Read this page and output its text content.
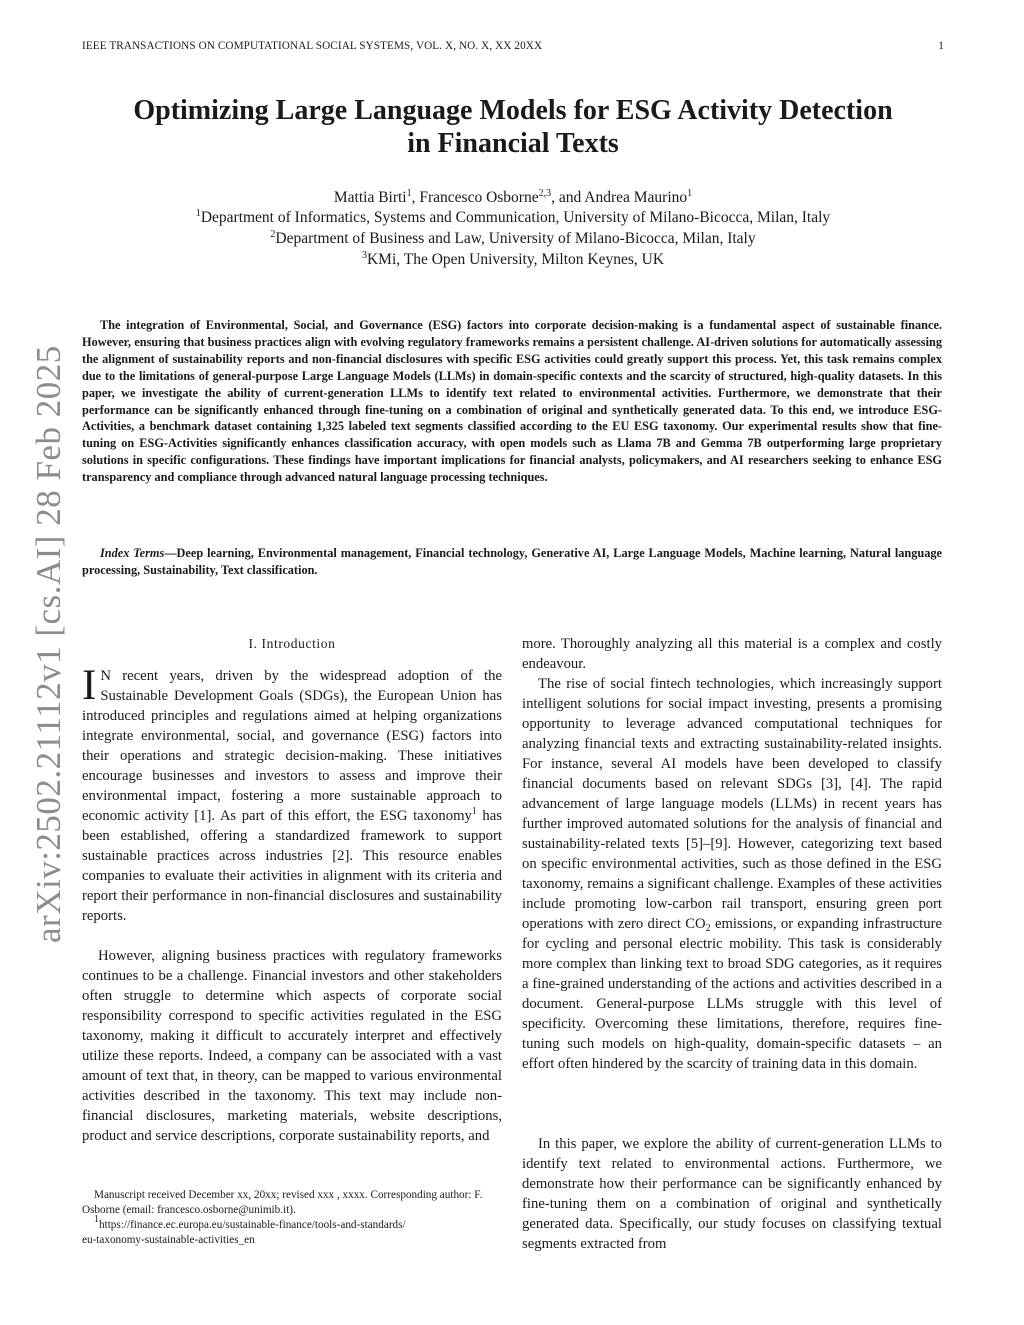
IEEE TRANSACTIONS ON COMPUTATIONAL SOCIAL SYSTEMS, VOL. X, NO. X, XX 20XX	1
arXiv:2502.21112v1 [cs.AI] 28 Feb 2025
Optimizing Large Language Models for ESG Activity Detection
in Financial Texts
Mattia Birti$^1$, Francesco Osborne$^{2,3}$, and Andrea Maurino$^1$
$^1$Department of Informatics, Systems and Communication, University of Milano-Bicocca, Milan, Italy
$^2$Department of Business and Law, University of Milano-Bicocca, Milan, Italy
$^3$KMi, The Open University, Milton Keynes, UK
The integration of Environmental, Social, and Governance (ESG) factors into corporate decision-making is a fundamental aspect of sustainable finance. However, ensuring that business practices align with evolving regulatory frameworks remains a persistent challenge. AI-driven solutions for automatically assessing the alignment of sustainability reports and non-financial disclosures with specific ESG activities could greatly support this process. Yet, this task remains complex due to the limitations of general-purpose Large Language Models (LLMs) in domain-specific contexts and the scarcity of structured, high-quality datasets. In this paper, we investigate the ability of current-generation LLMs to identify text related to environmental activities. Furthermore, we demonstrate that their performance can be significantly enhanced through fine-tuning on a combination of original and synthetically generated data. To this end, we introduce ESG-Activities, a benchmark dataset containing 1,325 labeled text segments classified according to the EU ESG taxonomy. Our experimental results show that fine-tuning on ESG-Activities significantly enhances classification accuracy, with open models such as Llama 7B and Gemma 7B outperforming large proprietary solutions in specific configurations. These findings have important implications for financial analysts, policymakers, and AI researchers seeking to enhance ESG transparency and compliance through advanced natural language processing techniques.
Index Terms—Deep learning, Environmental management, Financial technology, Generative AI, Large Language Models, Machine learning, Natural language processing, Sustainability, Text classification.
I. Introduction
I N recent years, driven by the widespread adoption of the Sustainable Development Goals (SDGs), the European Union has introduced principles and regulations aimed at helping organizations integrate environmental, social, and governance (ESG) factors into their operations and strategic decision-making. These initiatives encourage businesses and investors to assess and improve their environmental impact, fostering a more sustainable approach to economic activity [1]. As part of this effort, the ESG taxonomy$^1$ has been established, offering a standardized framework to support sustainable practices across industries [2]. This resource enables companies to evaluate their activities in alignment with its criteria and report their performance in non-financial disclosures and sustainability reports.
However, aligning business practices with regulatory frameworks continues to be a challenge. Financial investors and other stakeholders often struggle to determine which aspects of corporate social responsibility correspond to specific activities regulated in the ESG taxonomy, making it difficult to accurately interpret and effectively utilize these reports. Indeed, a company can be associated with a vast amount of text that, in theory, can be mapped to various environmental activities described in the taxonomy. This text may include non-financial disclosures, marketing materials, website descriptions, product and service descriptions, corporate sustainability reports, and
more. Thoroughly analyzing all this material is a complex and costly endeavour.
The rise of social fintech technologies, which increasingly support intelligent solutions for social impact investing, presents a promising opportunity to leverage advanced computational techniques for analyzing financial texts and extracting sustainability-related insights. For instance, several AI models have been developed to classify financial documents based on relevant SDGs [3], [4]. The rapid advancement of large language models (LLMs) in recent years has further improved automated solutions for the analysis of financial and sustainability-related texts [5]–[9]. However, categorizing text based on specific environmental activities, such as those defined in the ESG taxonomy, remains a significant challenge. Examples of these activities include promoting low-carbon rail transport, ensuring green port operations with zero direct $CO_2$ emissions, or expanding infrastructure for cycling and personal electric mobility. This task is considerably more complex than linking text to broad SDG categories, as it requires a fine-grained understanding of the actions and activities described in a document. General-purpose LLMs struggle with this level of specificity. Overcoming these limitations, therefore, requires fine-tuning such models on high-quality, domain-specific datasets – an effort often hindered by the scarcity of training data in this domain.
In this paper, we explore the ability of current-generation LLMs to identify text related to environmental actions. Furthermore, we demonstrate how their performance can be significantly enhanced by fine-tuning them on a combination of original and synthetically generated data. Specifically, our study focuses on classifying textual segments extracted from
Manuscript received December xx, 20xx; revised xxx , xxxx. Corresponding author: F. Osborne (email: francesco.osborne@unimib.it).
$^1$https://finance.ec.europa.eu/sustainable-finance/tools-and-standards/
eu-taxonomy-sustainable-activities_en
